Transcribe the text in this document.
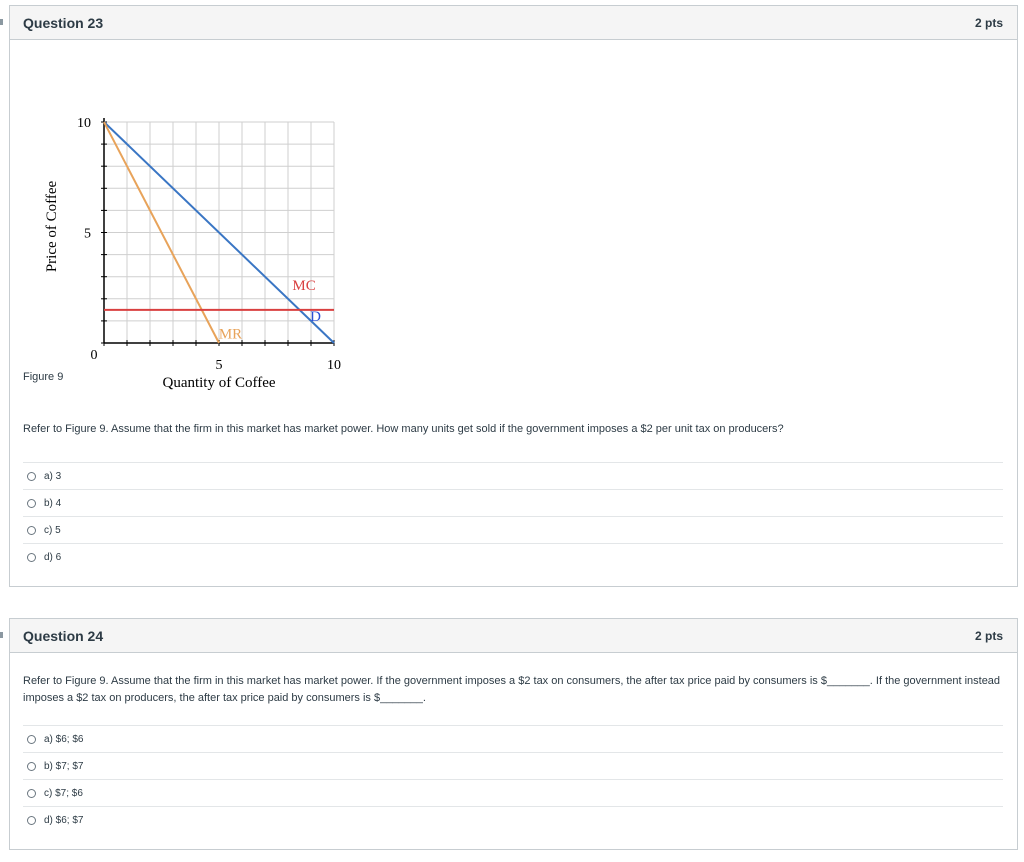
Question 23	2 pts
0
5	10
5
10
Quantity of Coffee
Price of Coffee
D
MR
MC
Figure 9
Refer to Figure 9. Assume that the firm in this market has market power. How many units get sold if the government imposes a $2 per unit tax on producers?
a) 3
b) 4
c) 5
d) 6
Question 24	2 pts
Refer to Figure 9. Assume that the firm in this market has market power. If the government imposes a $2 tax on consumers, the after tax price paid by consumers is $_______. If the government instead imposes a $2 tax on producers, the after tax price paid by consumers is $_______.
a) $6; $6
b) $7; $7
c) $7; $6
d) $6; $7
